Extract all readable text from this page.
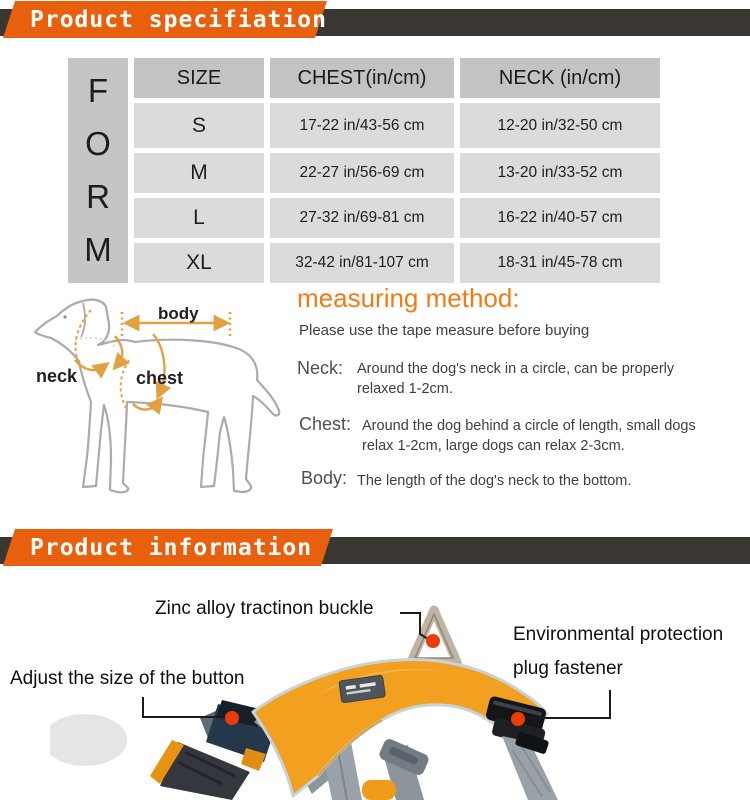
Product specifiation
F
O
R
M
SIZE	CHEST(in/cm)	NECK (in/cm)
S	17-22 in/43-56 cm	12-20 in/32-50 cm
M	22-27 in/56-69 cm	13-20 in/33-52 cm
L	27-32 in/69-81 cm	16-22 in/40-57 cm
XL	32-42 in/81-107 cm	18-31 in/45-78 cm
body
neck	chest
measuring method:
Please use the tape measure before buying
Neck: Around the dog's neck in a circle, can be properly relaxed 1-2cm.
Chest: Around the dog behind a circle of length, small dogs relax 1-2cm, large dogs can relax 2-3cm.
Body: The length of the dog's neck to the bottom.
Product information
Zinc alloy tractinon buckle
Environmental protection
plug fastener
Adjust the size of the button
